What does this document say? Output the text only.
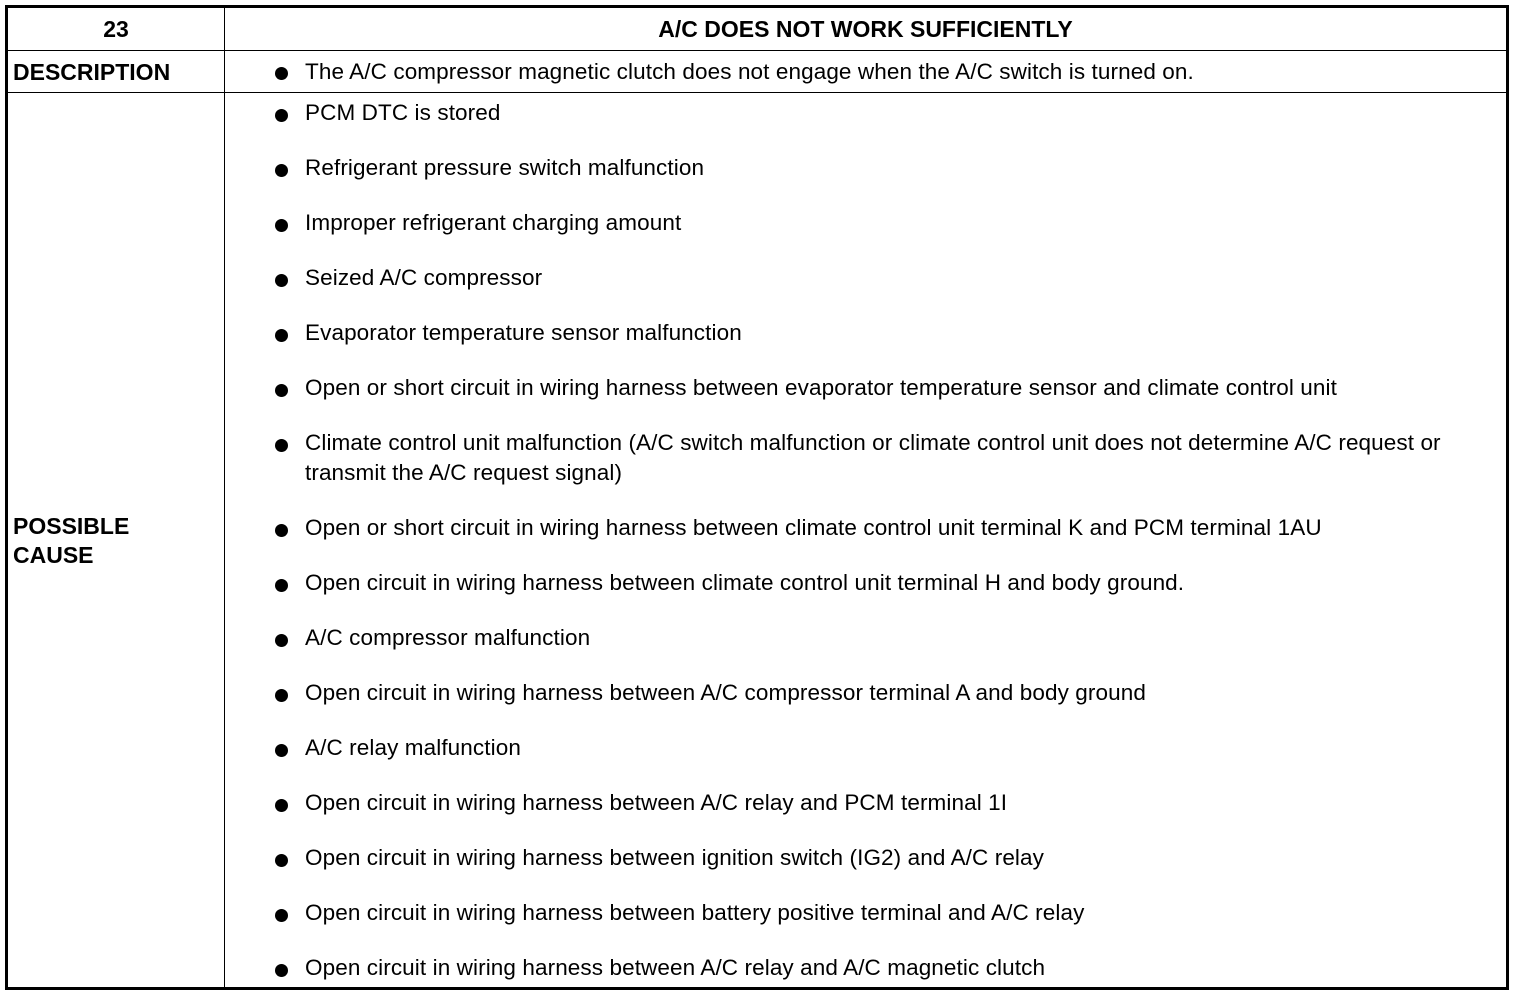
23	A/C DOES NOT WORK SUFFICIENTLY
DESCRIPTION	The A/C compressor magnetic clutch does not engage when the A/C switch is turned on.
POSSIBLE
CAUSE
PCM DTC is stored
Refrigerant pressure switch malfunction
Improper refrigerant charging amount
Seized A/C compressor
Evaporator temperature sensor malfunction
Open or short circuit in wiring harness between evaporator temperature sensor and climate control unit
Climate control unit malfunction (A/C switch malfunction or climate control unit does not determine A/C request or transmit the A/C request signal)
Open or short circuit in wiring harness between climate control unit terminal K and PCM terminal 1AU
Open circuit in wiring harness between climate control unit terminal H and body ground.
A/C compressor malfunction
Open circuit in wiring harness between A/C compressor terminal A and body ground
A/C relay malfunction
Open circuit in wiring harness between A/C relay and PCM terminal 1I
Open circuit in wiring harness between ignition switch (IG2) and A/C relay
Open circuit in wiring harness between battery positive terminal and A/C relay
Open circuit in wiring harness between A/C relay and A/C magnetic clutch
